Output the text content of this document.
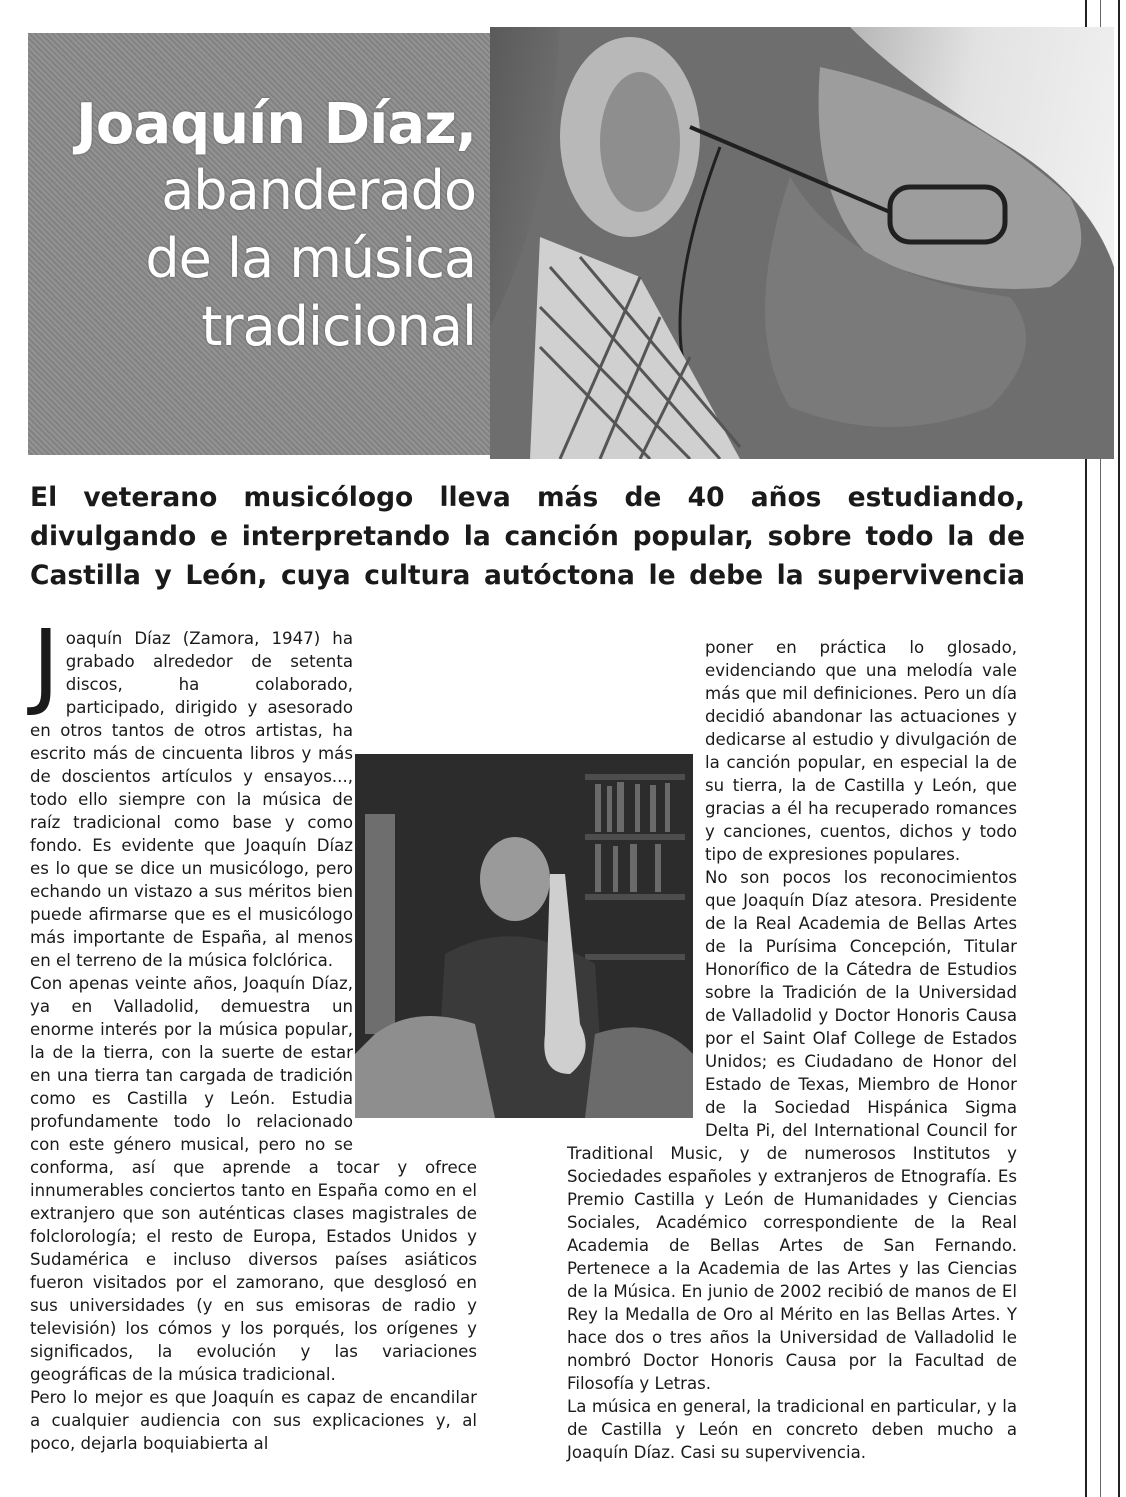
Joaquín Díaz,
abanderado
de la música
tradicional
El veterano musicólogo lleva más de 40 años estudiando,
divulgando e interpretando la canción popular, sobre todo la de
Castilla y León, cuya cultura autóctona le debe la supervivencia
J oaquín Díaz (Zamora, 1947) ha grabado alrededor de setenta discos, ha colaborado, participado, dirigido y asesorado en otros tantos de otros artistas, ha escrito más de cincuenta libros y más de doscientos artículos y ensayos..., todo ello siempre con la música de raíz tradicional como base y como fondo. Es evidente que Joaquín Díaz es lo que se dice un musicólogo, pero echando un vistazo a sus méritos bien puede afirmarse que es el musicólogo más importante de España, al menos en el terreno de la música folclórica.

Con apenas veinte años, Joaquín Díaz, ya en Valladolid, demuestra un enorme interés por la música popular, la de la tierra, con la suerte de estar en una tierra tan cargada de tradición como es Castilla y León. Estudia profundamente todo lo relacionado con este género musical, pero no se conforma, así que aprende a tocar y ofrece innumerables conciertos tanto en España como en el extranjero que son auténticas clases magistrales de folclorología; el resto de Europa, Estados Unidos y Sudamérica e incluso diversos países asiáticos fueron visitados por el zamorano, que desglosó en sus universidades (y en sus emisoras de radio y televisión) los cómos y los porqués, los orígenes y significados, la evolución y las variaciones geográficas de la música tradicional.

Pero lo mejor es que Joaquín es capaz de encandilar a cualquier audiencia con sus explicaciones y, al poco, dejarla boquiabierta al

poner en práctica lo glosado, evidenciando que una melodía vale más que mil definiciones. Pero un día decidió abandonar las actuaciones y dedicarse al estudio y divulgación de la canción popular, en especial la de su tierra, la de Castilla y León, que gracias a él ha recuperado romances y canciones, cuentos, dichos y todo tipo de expresiones populares.

No son pocos los reconocimientos que Joaquín Díaz atesora. Presidente de la Real Academia de Bellas Artes de la Purísima Concepción, Titular Honorífico de la Cátedra de Estudios sobre la Tradición de la Universidad de Valladolid y Doctor Honoris Causa por el Saint Olaf College de Estados Unidos; es Ciudadano de Honor del Estado de Texas, Miembro de Honor de la Sociedad Hispánica Sigma Delta Pi, del International Council for Traditional Music, y de numerosos Institutos y Sociedades españoles y extranjeros de Etnografía. Es Premio Castilla y León de Humanidades y Ciencias Sociales, Académico correspondiente de la Real Academia de Bellas Artes de San Fernando. Pertenece a la Academia de las Artes y las Ciencias de la Música. En junio de 2002 recibió de manos de El Rey la Medalla de Oro al Mérito en las Bellas Artes. Y hace dos o tres años la Universidad de Valladolid le nombró Doctor Honoris Causa por la Facultad de Filosofía y Letras.

La música en general, la tradicional en particular, y la de Castilla y León en concreto deben mucho a Joaquín Díaz. Casi su supervivencia.
